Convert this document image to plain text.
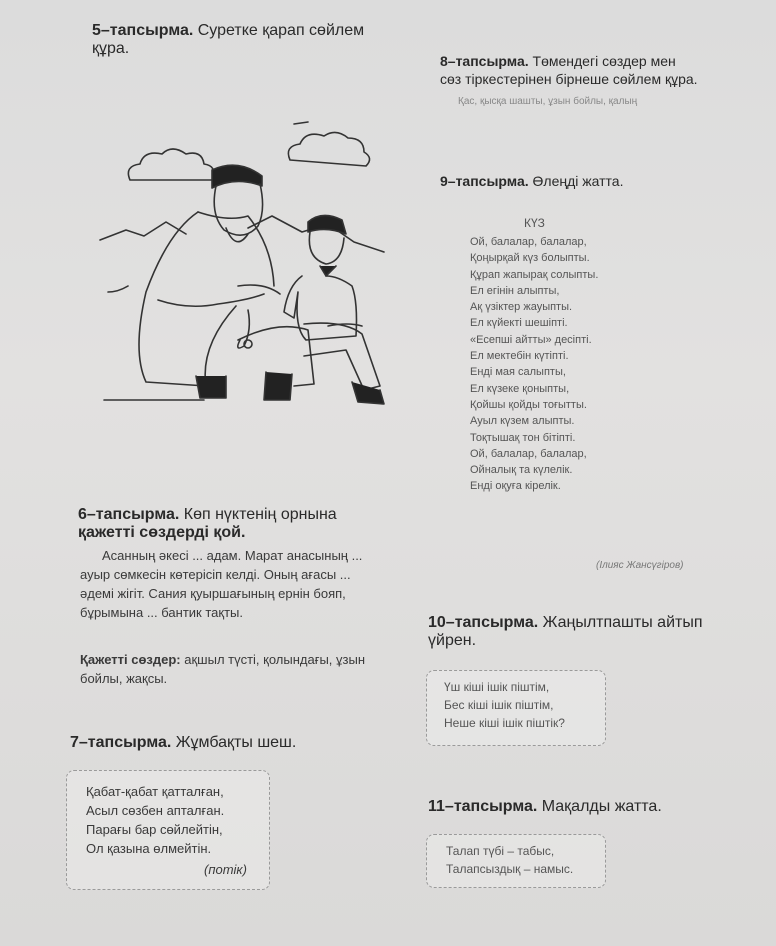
5–тапсырма. Суретке қарап сөйлем
құра.
8–тапсырма. Төмендегі сөздер мен
сөз тіркестерінен бірнеше сөйлем құра.
Қас, қысқа шашты, ұзын бойлы, қалың
9–тапсырма. Өлеңді жатта.
КҮЗ
Ой, балалар, балалар,
Қоңырқай күз болыпты.
Құрап жапырақ солыпты.
Ел егінін алыпты,
Ақ үзіктер жауыпты.
Ел күйекті шешіпті.
«Есепші айтты» десіпті.
Ел мектебін күтіпті.
Енді мая салыпты,
Ел күзеке қоныпты,
Қойшы қойды тоғытты.
Ауыл күзем алыпты.
Тоқтышақ тон бітіпті.
Ой, балалар, балалар,
Ойналық та күлелік.
Енді оқуға кірелік.
(Ілияс Жансүгіров)
6–тапсырма. Көп нүктенің орнына
қажетті сөздерді қой.
Асанның әкесі ... адам. Марат анасының ...
ауыр сөмкесін көтерісіп келді. Оның ағасы ...
әдемі жігіт. Сания қуыршағының ернін бояп,
бұрымына ... бантик тақты.
Қажетті сөздер: ақшыл түсті, қолындағы, ұзын
бойлы, жақсы.
7–тапсырма. Жұмбақты шеш.
Қабат-қабат қатталған,
Асыл сөзбен апталған.
Парағы бар сөйлейтін,
Ол қазына өлмейтін.
(потік)
10–тапсырма. Жаңылтпашты айтып
үйрен.
Үш кіші ішік піштім,
Бес кіші ішік піштім,
Неше кіші ішік піштік?
11–тапсырма. Мақалды жатта.
Талап түбі – табыс,
Талапсыздық – намыс.
